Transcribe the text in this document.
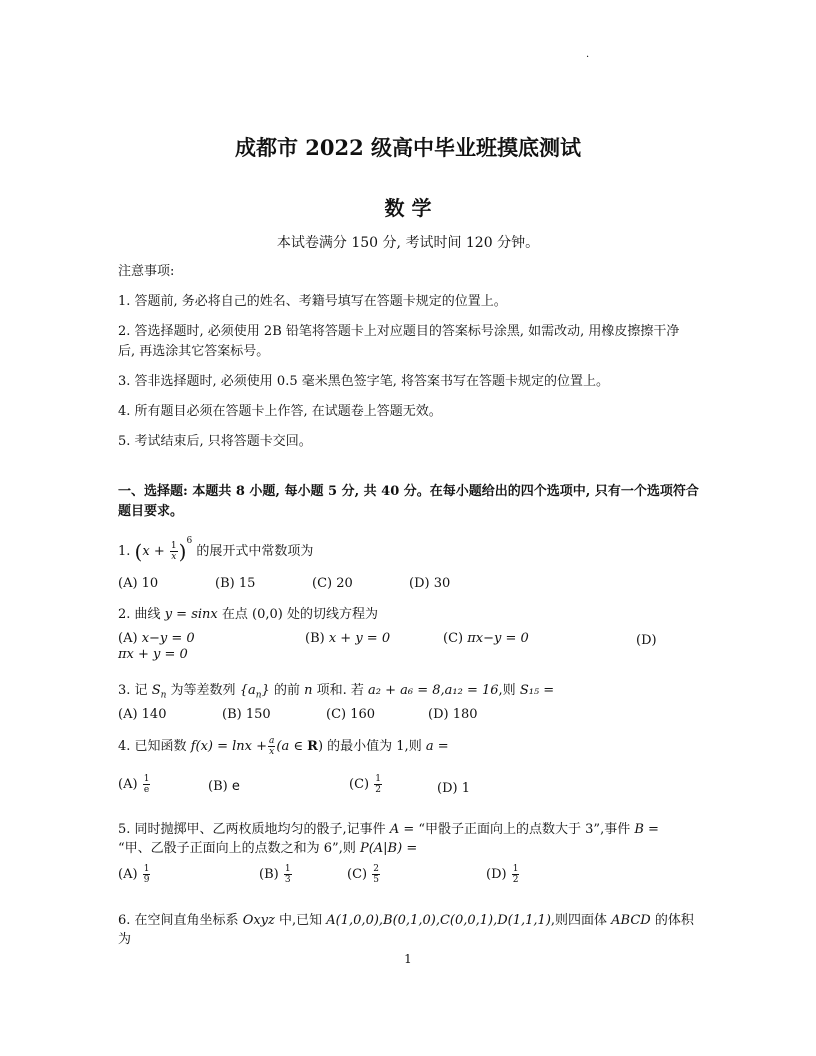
·
成都市 2022 级高中毕业班摸底测试
数 学
本试卷满分 150 分, 考试时间 120 分钟。
注意事项:
1. 答题前, 务必将自己的姓名、考籍号填写在答题卡规定的位置上。
2. 答选择题时, 必须使用 2B 铅笔将答题卡上对应题目的答案标号涂黑, 如需改动, 用橡皮擦擦干净后, 再选涂其它答案标号。
3. 答非选择题时, 必须使用 0.5 毫米黑色签字笔, 将答案书写在答题卡规定的位置上。
4. 所有题目必须在答题卡上作答, 在试题卷上答题无效。
5. 考试结束后, 只将答题卡交回。
一、选择题: 本题共 8 小题, 每小题 5 分, 共 40 分。在每小题给出的四个选项中, 只有一个选项符合题目要求。
1. $(x + \frac{1}{x} )^6$ 的展开式中常数项为
(A) 10	(B) 15	(C) 20	(D) 30
2. 曲线 y = sinx 在点 (0,0) 处的切线方程为
(A) x−y = 0	(B) x + y = 0	(C) πx−y = 0	(D)
πx + y = 0
3. 记 $S_n$ 为等差数列 $\{a_n\}$ 的前 n 项和. 若 a₂ + a₆ = 8,a₁₂ = 16,则 S₁₅ =
(A) 140	(B) 150	(C) 160	(D) 180
4. 已知函数 $f(x) = \ln x + \frac{a}{x} (a$ ∈ R) 的最小值为 1,则 a =
$(A) \frac{1}{e}$	(B) e	$(C) \frac{1}{2}$	(D) 1
5. 同时抛掷甲、乙两枚质地均匀的骰子,记事件 A = “甲骰子正面向上的点数大于 3”,事件 B =
“甲、乙骰子正面向上的点数之和为 6”,则 P(A|B) =
$(A) \frac{1}{9}$	$(B) \frac{1}{3}$	$(C) \frac{2}{5}$	$(D) \frac{1}{2}$
6. 在空间直角坐标系 Oxyz 中,已知 A(1,0,0),B(0,1,0),C(0,0,1),D(1,1,1),则四面体 ABCD 的体积为
1
